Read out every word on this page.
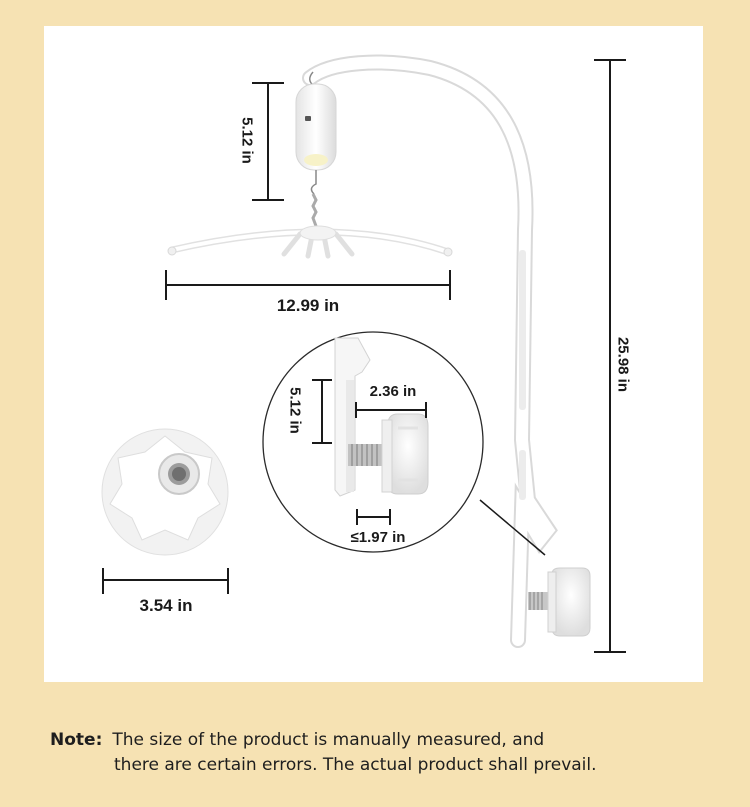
5.12 in
12.99 in
25.98 in
5.12 in	2.36 in
≤1.97 in
3.54 in
Note: The size of the product is manually measured, and
there are certain errors. The actual product shall prevail.
